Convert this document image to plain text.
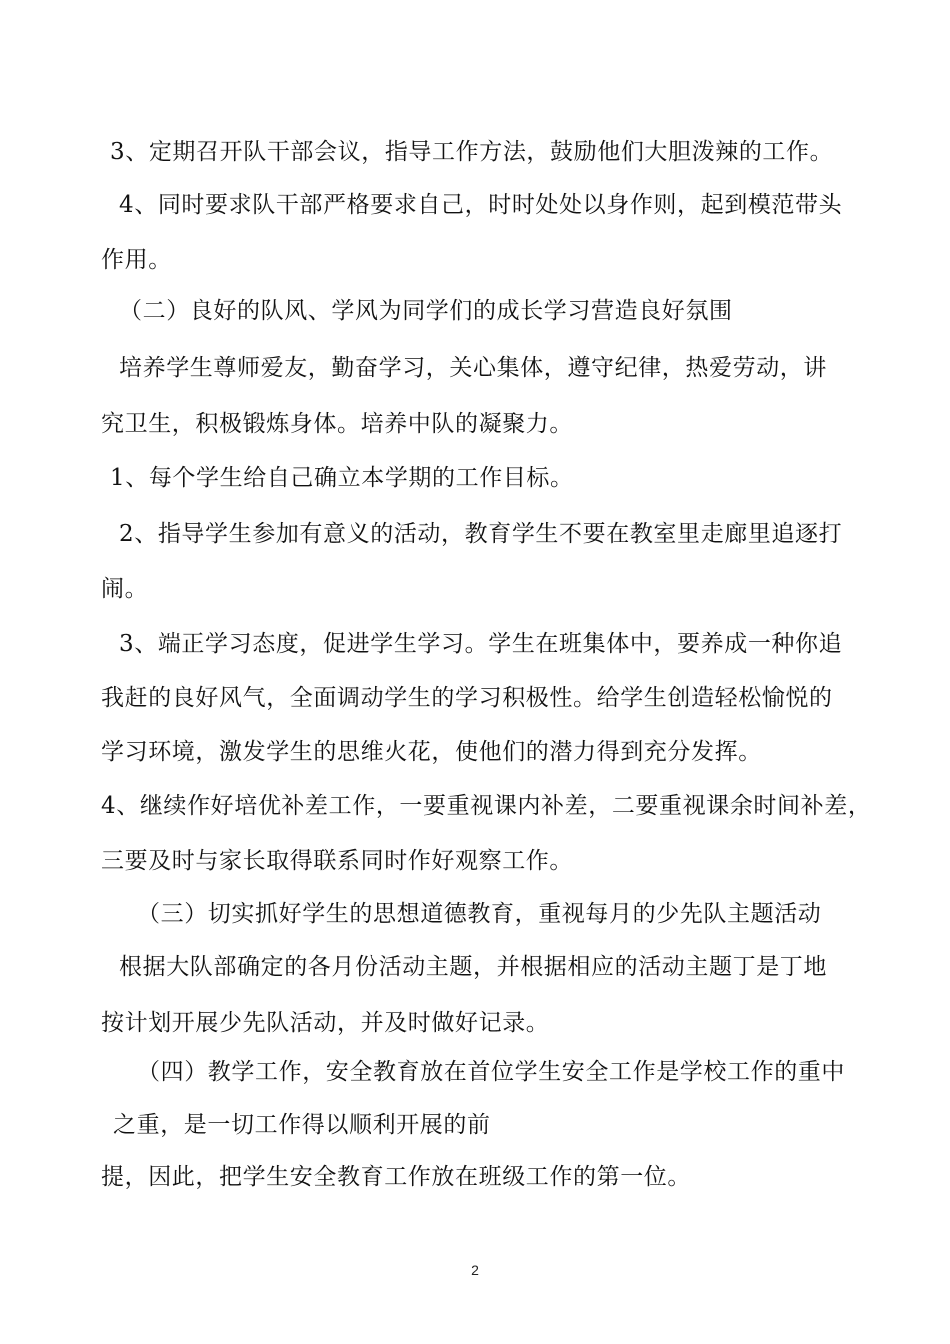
3、定期召开队干部会议，指导工作方法，鼓励他们大胆泼辣的工作。
4、同时要求队干部严格要求自己，时时处处以身作则，起到模范带头
作用。
（二）良好的队风、学风为同学们的成长学习营造良好氛围
培养学生尊师爱友，勤奋学习，关心集体，遵守纪律，热爱劳动，讲
究卫生，积极锻炼身体。培养中队的凝聚力。
1、每个学生给自己确立本学期的工作目标。
2、指导学生参加有意义的活动，教育学生不要在教室里走廊里追逐打
闹。
3、端正学习态度，促进学生学习。学生在班集体中，要养成一种你追
我赶的良好风气，全面调动学生的学习积极性。给学生创造轻松愉悦的
学习环境，激发学生的思维火花，使他们的潜力得到充分发挥。
4、继续作好培优补差工作，一要重视课内补差，二要重视课余时间补差，
三要及时与家长取得联系同时作好观察工作。
（三）切实抓好学生的思想道德教育，重视每月的少先队主题活动
根据大队部确定的各月份活动主题，并根据相应的活动主题丁是丁地
按计划开展少先队活动，并及时做好记录。
（四）教学工作，安全教育放在首位学生安全工作是学校工作的重中
之重，是一切工作得以顺利开展的前
提，因此，把学生安全教育工作放在班级工作的第一位。
2
